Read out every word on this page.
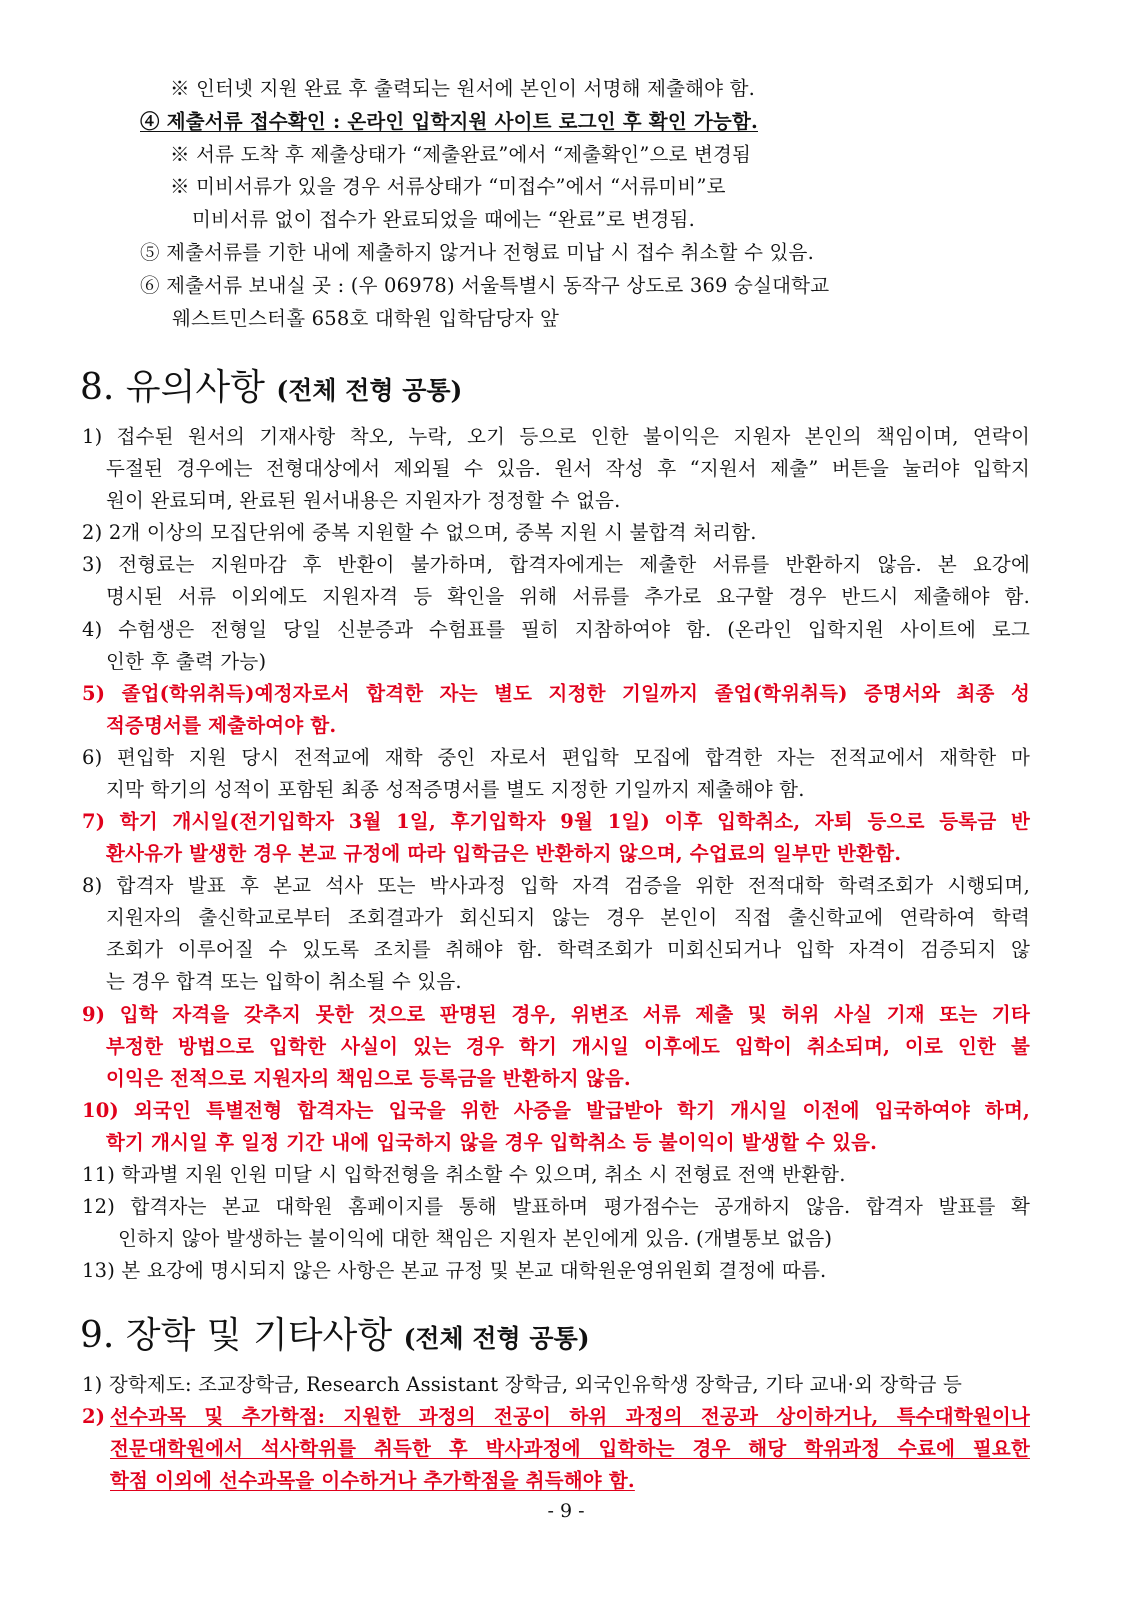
※ 인터넷 지원 완료 후 출력되는 원서에 본인이 서명해 제출해야 함.
④ 제출서류 접수확인 : 온라인 입학지원 사이트 로그인 후 확인 가능함.
※ 서류 도착 후 제출상태가 “제출완료”에서 “제출확인”으로 변경됨
※ 미비서류가 있을 경우 서류상태가 “미접수”에서 “서류미비”로
미비서류 없이 접수가 완료되었을 때에는 “완료”로 변경됨.
⑤ 제출서류를 기한 내에 제출하지 않거나 전형료 미납 시 접수 취소할 수 있음.
⑥ 제출서류 보내실 곳 : (우 06978) 서울특별시 동작구 상도로 369 숭실대학교
웨스트민스터홀 658호 대학원 입학담당자 앞
8. 유의사항 (전체 전형 공통)
1) 접수된 원서의 기재사항 착오, 누락, 오기 등으로 인한 불이익은 지원자 본인의 책임이며, 연락이
두절된 경우에는 전형대상에서 제외될 수 있음. 원서 작성 후 “지원서 제출” 버튼을 눌러야 입학지
원이 완료되며, 완료된 원서내용은 지원자가 정정할 수 없음.
2) 2개 이상의 모집단위에 중복 지원할 수 없으며, 중복 지원 시 불합격 처리함.
3) 전형료는 지원마감 후 반환이 불가하며, 합격자에게는 제출한 서류를 반환하지 않음. 본 요강에
명시된 서류 이외에도 지원자격 등 확인을 위해 서류를 추가로 요구할 경우 반드시 제출해야 함.
4) 수험생은 전형일 당일 신분증과 수험표를 필히 지참하여야 함. (온라인 입학지원 사이트에 로그
인한 후 출력 가능)
5) 졸업(학위취득)예정자로서 합격한 자는 별도 지정한 기일까지 졸업(학위취득) 증명서와 최종 성
적증명서를 제출하여야 함.
6) 편입학 지원 당시 전적교에 재학 중인 자로서 편입학 모집에 합격한 자는 전적교에서 재학한 마
지막 학기의 성적이 포함된 최종 성적증명서를 별도 지정한 기일까지 제출해야 함.
7) 학기 개시일(전기입학자 3월 1일, 후기입학자 9월 1일) 이후 입학취소, 자퇴 등으로 등록금 반
환사유가 발생한 경우 본교 규정에 따라 입학금은 반환하지 않으며, 수업료의 일부만 반환함.
8) 합격자 발표 후 본교 석사 또는 박사과정 입학 자격 검증을 위한 전적대학 학력조회가 시행되며,
지원자의 출신학교로부터 조회결과가 회신되지 않는 경우 본인이 직접 출신학교에 연락하여 학력
조회가 이루어질 수 있도록 조치를 취해야 함. 학력조회가 미회신되거나 입학 자격이 검증되지 않
는 경우 합격 또는 입학이 취소될 수 있음.
9) 입학 자격을 갖추지 못한 것으로 판명된 경우, 위변조 서류 제출 및 허위 사실 기재 또는 기타
부정한 방법으로 입학한 사실이 있는 경우 학기 개시일 이후에도 입학이 취소되며, 이로 인한 불
이익은 전적으로 지원자의 책임으로 등록금을 반환하지 않음.
10) 외국인 특별전형 합격자는 입국을 위한 사증을 발급받아 학기 개시일 이전에 입국하여야 하며,
학기 개시일 후 일정 기간 내에 입국하지 않을 경우 입학취소 등 불이익이 발생할 수 있음.
11) 학과별 지원 인원 미달 시 입학전형을 취소할 수 있으며, 취소 시 전형료 전액 반환함.
12) 합격자는 본교 대학원 홈페이지를 통해 발표하며 평가점수는 공개하지 않음. 합격자 발표를 확
인하지 않아 발생하는 불이익에 대한 책임은 지원자 본인에게 있음. (개별통보 없음)
13) 본 요강에 명시되지 않은 사항은 본교 규정 및 본교 대학원운영위원회 결정에 따름.
9. 장학 및 기타사항 (전체 전형 공통)
1) 장학제도: 조교장학금, Research Assistant 장학금, 외국인유학생 장학금, 기타 교내·외 장학금 등
2) 선수과목 및 추가학점: 지원한 과정의 전공이 하위 과정의 전공과 상이하거나, 특수대학원이나
전문대학원에서 석사학위를 취득한 후 박사과정에 입학하는 경우 해당 학위과정 수료에 필요한
학점 이외에 선수과목을 이수하거나 추가학점을 취득해야 함.
- 9 -
